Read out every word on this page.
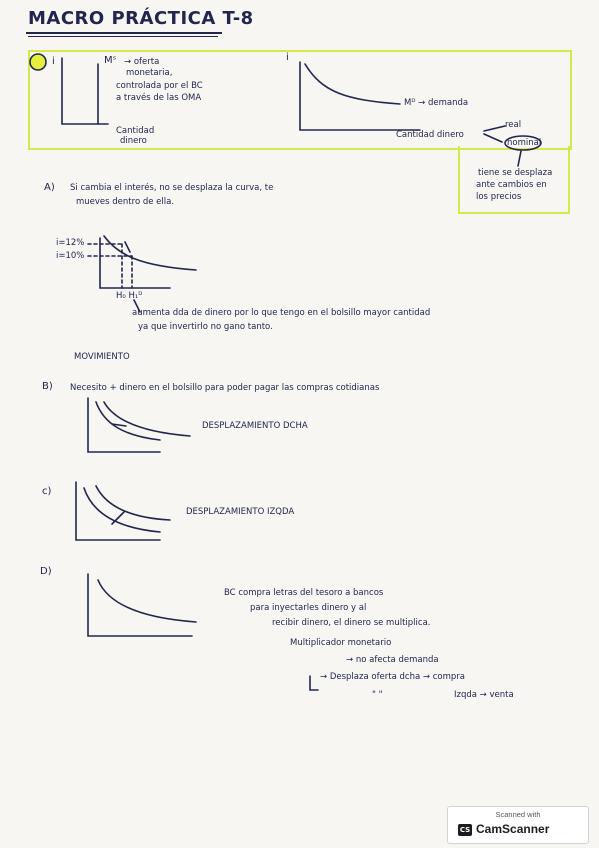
MACRO PRÁCTICA T-8
i	Mˢ → oferta
monetaria,
controlada por el BC
a través de las OMA
Cantidad
dinero
i
Mᴰ → demanda
Cantidad dinero
real
nominal
tiene se desplaza
ante cambios en
los precios
A) Si cambia el interés, no se desplaza la curva, te
mueves dentro de ella.
i=12%
i=10%
H₀ H₁ᴰ
aumenta dda de dinero por lo que tengo en el bolsillo mayor cantidad
ya que invertirlo no gano tanto.
MOVIMIENTO
B) Necesito + dinero en el bolsillo para poder pagar las compras cotidianas
DESPLAZAMIENTO DCHA
c)
DESPLAZAMIENTO IZQDA
D)
BC compra letras del tesoro a bancos
para inyectarles dinero y al
recibir dinero, el dinero se multiplica.
Multiplicador monetario
→ no afecta demanda
→ Desplaza oferta dcha → compra
" "	Izqda → venta
Scanned with
CS CamScanner
